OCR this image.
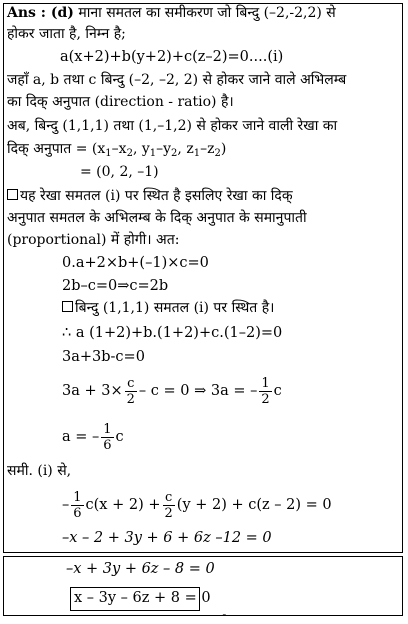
Ans : (d) माना समतल का समीकरण जो बिन्दु (–2,-2,2) से
होकर जाता है, निम्न है;
a(x+2)+b(y+2)+c(z–2)=0....(i)
जहाँ a, b तथा c बिन्दु (–2, –2, 2) से होकर जाने वाले अभिलम्ब
का दिक् अनुपात (direction - ratio) है।
अब, बिन्दु (1,1,1) तथा (1,–1,2) से होकर जाने वाली रेखा का
दिक् अनुपात = ($x_1-x_2$, $y_1-y_2$, $z_1-z_2$)
= (0, 2, –1)
यह रेखा समतल (i) पर स्थित है इसलिए रेखा का दिक्
अनुपात समतल के अभिलम्ब के दिक् अनुपात के समानुपाती
(proportional) में होगी। अत:
0.a+2×b+(–1)×c=0
2b–c=0⇒c=2b
बिन्दु (1,1,1) समतल (i) पर स्थित है।
∴ a (1+2)+b.(1+2)+c.(1–2)=0
3a+3b-c=0
$3a + 3\times \frac{c}{2} - c = 0$ ⇒ 3a = – $\frac{1}{2}$ c
a = – $\frac{1}{6}$ c
समी. (i) से,
– $\frac{1}{6} c(x + 2) + \frac{c}{2} (y + 2) + c(z - 2) = 0$
–x – 2 + 3y + 6 + 6z –12 = 0
–x + 3y + 6z – 8 = 0
x – 3y – 6z + 8 = 0
˜
